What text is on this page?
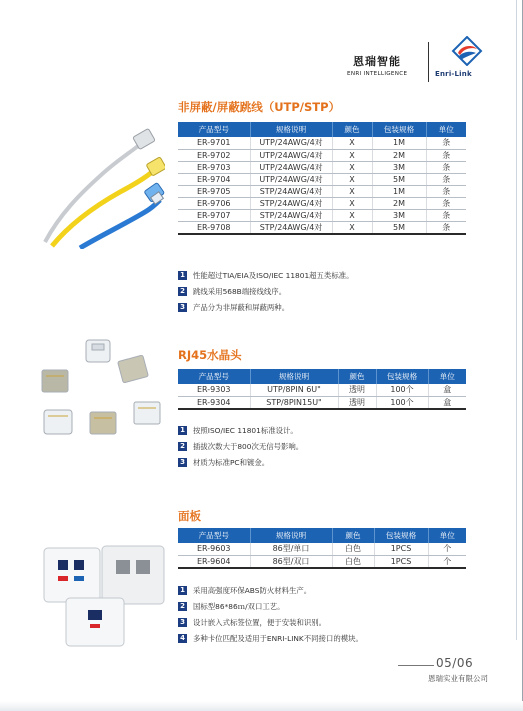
恩瑞智能
ENRI INTELLIGENCE	Enri-Link
非屏蔽/屏蔽跳线（UTP/STP）
产品型号	规格说明	颜色	包装规格	单位
ER-9701	UTP/24AWG/4对	X	1M	条
ER-9702	UTP/24AWG/4对	X	2M	条
ER-9703	UTP/24AWG/4对	X	3M	条
ER-9704	UTP/24AWG/4对	X	5M	条
ER-9705	STP/24AWG/4对	X	1M	条
ER-9706	STP/24AWG/4对	X	2M	条
ER-9707	STP/24AWG/4对	X	3M	条
ER-9708	STP/24AWG/4对	X	5M	条
1 性能超过TIA/EIA及ISO/IEC 11801超五类标准。
2 跳线采用568B端接线线序。
3 产品分为非屏蔽和屏蔽两种。
RJ45水晶头
产品型号	规格说明	颜色	包装规格	单位
ER-9303	UTP/8PIN 6U"	透明	100个	盒
ER-9304	STP/8PIN15U"	透明	100个	盒
1 按照ISO/IEC 11801标准设计。
2 插拔次数大于800次无信号影响。
3 材质为标准PC和镀金。
面板
产品型号	规格说明	颜色	包装规格	单位
ER-9603	86型/单口	白色	1PCS	个
ER-9604	86型/双口	白色	1PCS	个
1 采用高强度环保ABS防火材料生产。
2 国标型86*86ｍ/双口工艺。
3 设计嵌入式标签位置，便于安装和识别。
4 多种卡位匹配及适用于ENRI-LINK不同接口的模块。
05/06
恩瑞实业有限公司
